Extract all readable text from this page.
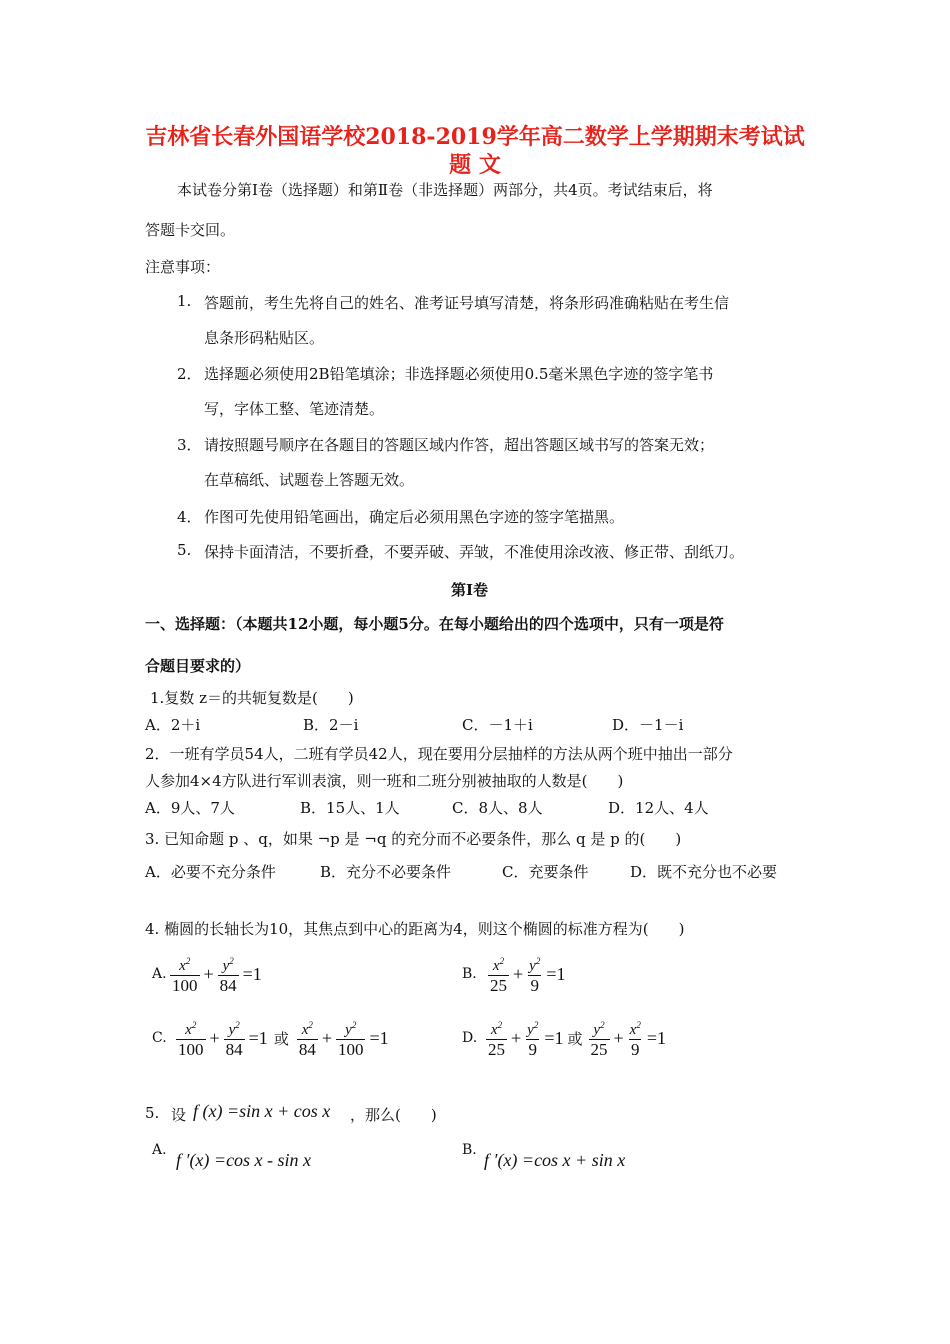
吉林省长春外国语学校2018-2019学年高二数学上学期期末考试试
题 文
本试卷分第Ⅰ卷（选择题）和第Ⅱ卷（非选择题）两部分，共4页。考试结束后，将
答题卡交回。
注意事项：
1. 答题前，考生先将自己的姓名、准考证号填写清楚，将条形码准确粘贴在考生信
息条形码粘贴区。
2． 选择题必须使用2B铅笔填涂；非选择题必须使用0.5毫米黑色字迹的签字笔书
写，字体工整、笔迹清楚。
3． 请按照题号顺序在各题目的答题区域内作答，超出答题区域书写的答案无效；
在草稿纸、试题卷上答题无效。
4． 作图可先使用铅笔画出，确定后必须用黑色字迹的签字笔描黑。
5. 保持卡面清洁，不要折叠，不要弄破、弄皱，不准使用涂改液、修正带、刮纸刀。
第Ⅰ卷
一、选择题：（本题共12小题，每小题5分。在每小题给出的四个选项中，只有一项是符
合题目要求的）
1.复数 z＝的共轭复数是(　　)
A．2＋i	B．2－i	C．－1＋i	D．－1－i
2．一班有学员54人，二班有学员42人，现在要用分层抽样的方法从两个班中抽出一部分
人参加4×4方队进行军训表演，则一班和二班分别被抽取的人数是(　　)
A．9人、7人	B．15人、1人	C．8人、8人	D．12人、4人
3. 已知命题 p 、q，如果 ¬p 是 ¬q 的充分而不必要条件，那么 q 是 p 的(　　)
A．必要不充分条件	B．充分不必要条件	C．充要条件	D．既不充分也不必要
4. 椭圆的长轴长为10，其焦点到中心的距离为4，则这个椭圆的标准方程为(　　)
A. $\frac{x^2}{100} + \frac{y^2}{84} =1$	B. $\frac{x^2}{25} + \frac{y^2}{9} =1$
C. $\frac{x^2}{100} + \frac{y^2}{84} =1$ 或 $\frac{x^2}{84} + \frac{y^2}{100} =1$	D. $\frac{x^2}{25} + \frac{y^2}{9} =1$ 或 $\frac{y^2}{25} + \frac{x^2}{9} =1$
5. 设 f (x) =sin x + cos x ，那么(　　)
A. f ′(x) =cos x - sin x	B. f ′(x) =cos x + sin x
